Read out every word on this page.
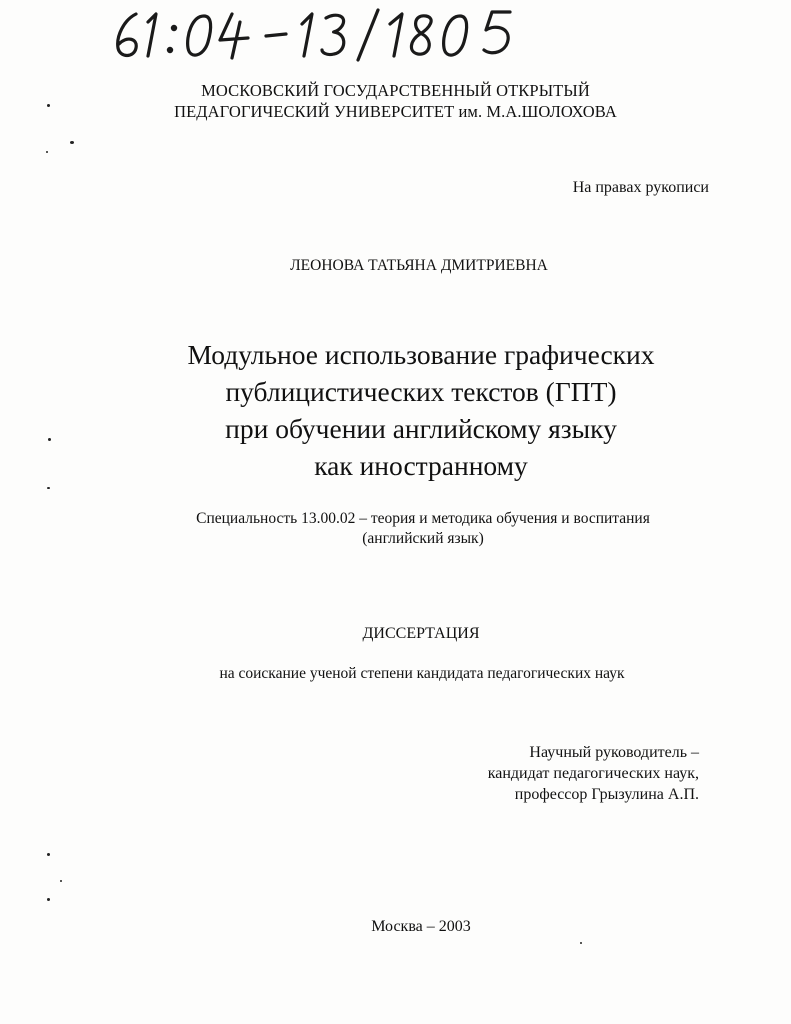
МОСКОВСКИЙ ГОСУДАРСТВЕННЫЙ ОТКРЫТЫЙ
ПЕДАГОГИЧЕСКИЙ УНИВЕРСИТЕТ им. М.А.ШОЛОХОВА
На правах рукописи
ЛЕОНОВА ТАТЬЯНА ДМИТРИЕВНА
Модульное использование графических
публицистических текстов (ГПТ)
при обучении английскому языку
как иностранному
Специальность 13.00.02 – теория и методика обучения и воспитания
(английский язык)
ДИССЕРТАЦИЯ
на соискание ученой степени кандидата педагогических наук
Научный руководитель –
кандидат педагогических наук,
профессор Грызулина А.П.
Москва – 2003
